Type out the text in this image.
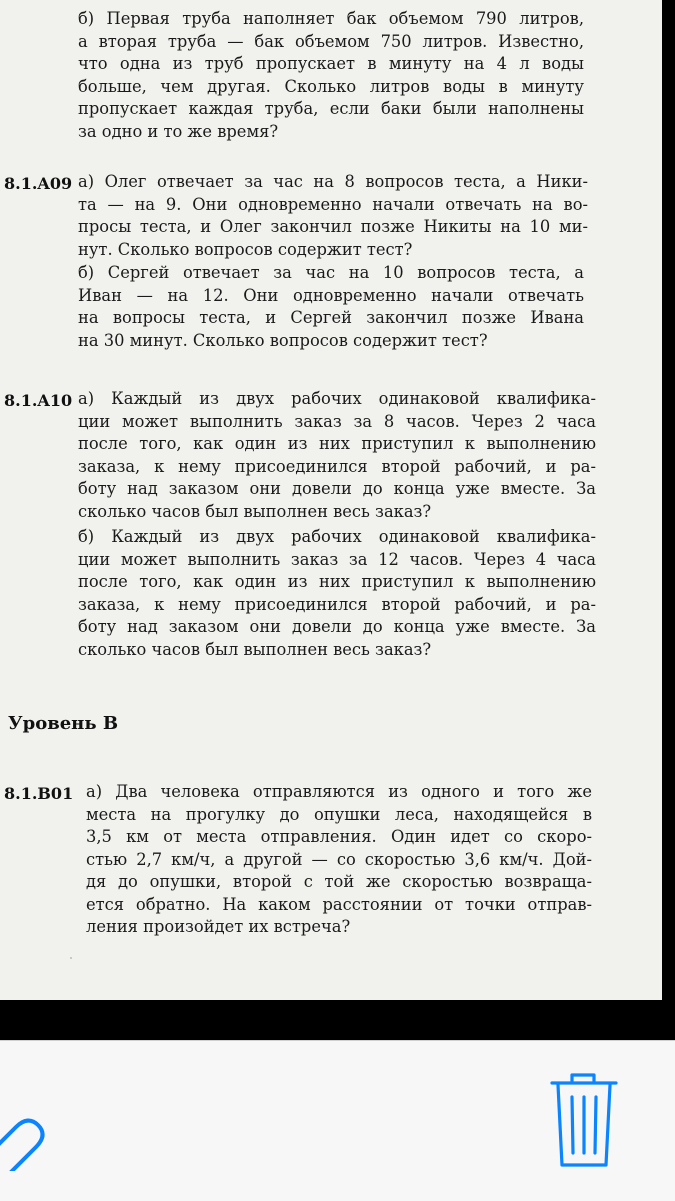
б) Первая труба наполняет бак объемом 790 литров,
а вторая труба — бак объемом 750 литров. Известно,
что одна из труб пропускает в минуту на 4 л воды
больше, чем другая. Сколько литров воды в минуту
пропускает каждая труба, если баки были наполнены
за одно и то же время?
8.1.A09 а) Олег отвечает за час на 8 вопросов теста, а Ники-
та — на 9. Они одновременно начали отвечать на во-
просы теста, и Олег закончил позже Никиты на 10 ми-
нут. Сколько вопросов содержит тест?
б) Сергей отвечает за час на 10 вопросов теста, а
Иван — на 12. Они одновременно начали отвечать
на вопросы теста, и Сергей закончил позже Ивана
на 30 минут. Сколько вопросов содержит тест?
8.1.A10 а) Каждый из двух рабочих одинаковой квалифика-
ции может выполнить заказ за 8 часов. Через 2 часа
после того, как один из них приступил к выполнению
заказа, к нему присоединился второй рабочий, и ра-
боту над заказом они довели до конца уже вместе. За
сколько часов был выполнен весь заказ?
б) Каждый из двух рабочих одинаковой квалифика-
ции может выполнить заказ за 12 часов. Через 4 часа
после того, как один из них приступил к выполнению
заказа, к нему присоединился второй рабочий, и ра-
боту над заказом они довели до конца уже вместе. За
сколько часов был выполнен весь заказ?
8.1.B01 а) Два человека отправляются из одного и того же
места на прогулку до опушки леса, находящейся в
3,5 км от места отправления. Один идет со скоро-
стью 2,7 км/ч, а другой — со скоростью 3,6 км/ч. Дой-
дя до опушки, второй с той же скоростью возвраща-
ется обратно. На каком расстоянии от точки отправ-
ления произойдет их встреча?
Уровень B
